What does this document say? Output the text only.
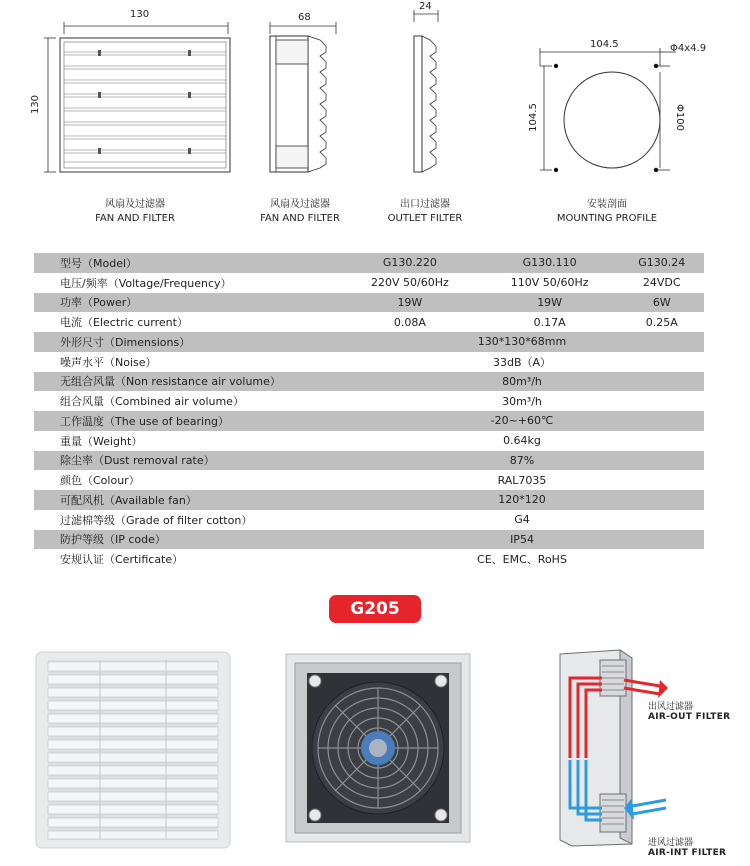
130
130
68
24
104.5
104.5
Φ4x4.9
Φ100
风扇及过滤器
FAN AND FILTER
风扇及过滤器
FAN AND FILTER
出口过滤器
OUTLET FILTER
安装剖面
MOUNTING PROFILE
型号（Model）	G130.220	G130.110	G130.24
电压/频率（Voltage/Frequency）	220V 50/60Hz	110V 50/60Hz	24VDC
功率（Power）	19W	19W	6W
电流（Electric current）	0.08A	0.17A	0.25A
外形尺寸（Dimensions）	130*130*68mm		
噪声水平（Noise）	33dB（A）		
无组合风量（Non resistance air volume）	80m³/h		
组合风量（Combined air volume）	30m³/h		
工作温度（The use of bearing）	-20~+60℃		
重量（Weight）	0.64kg		
除尘率（Dust removal rate）	87%		
颜色（Colour）	RAL7035		
可配风机（Available fan）	120*120		
过滤棉等级（Grade of filter cotton）	G4		
防护等级（IP code）	IP54		
安规认证（Certificate）	CE、EMC、RoHS		
G205
出风过滤器
AIR-OUT FILTER
进风过滤器
AIR-INT FILTER
